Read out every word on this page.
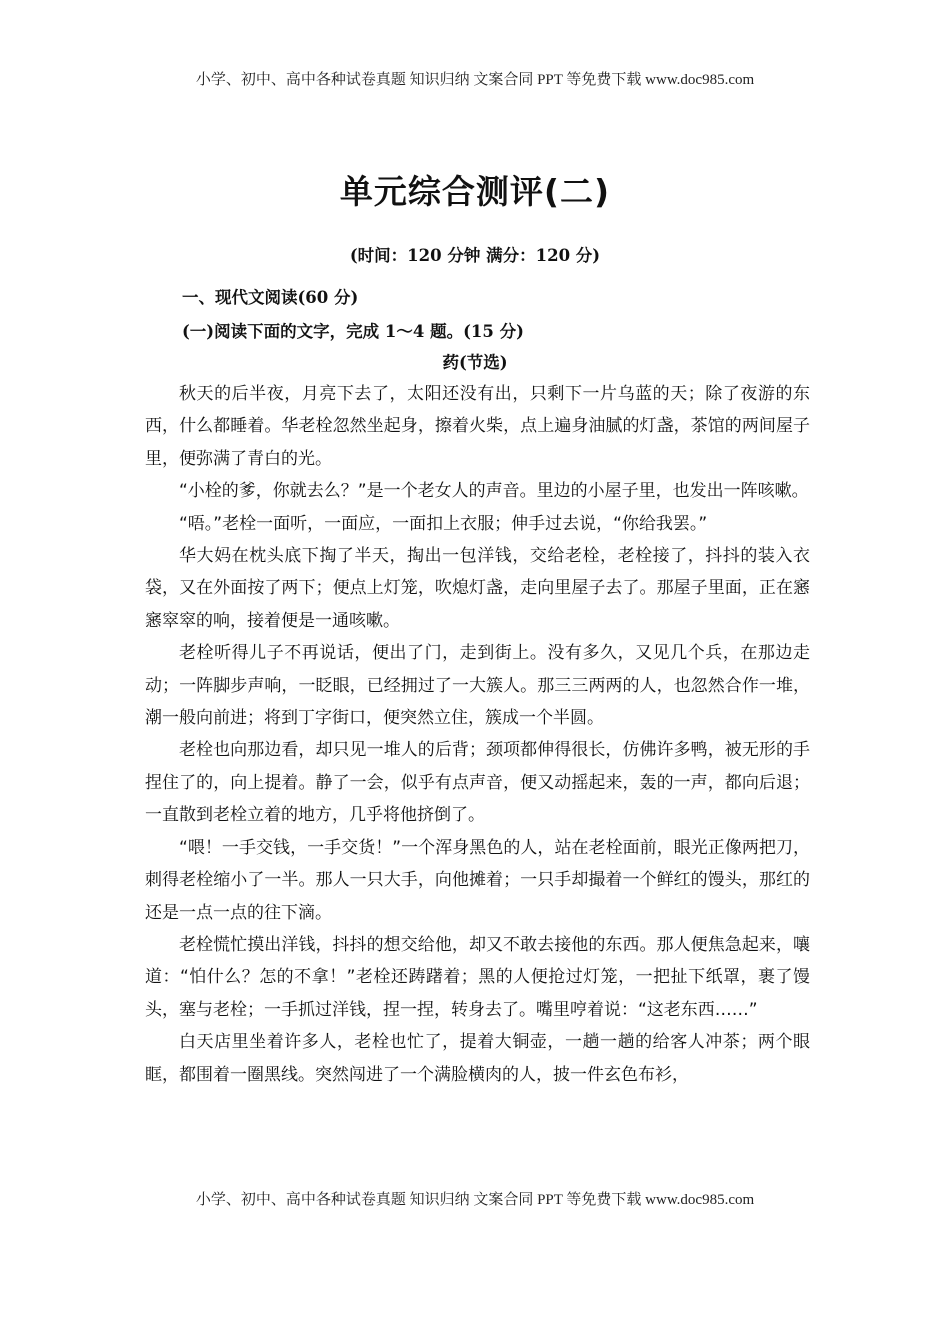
小学、初中、高中各种试卷真题 知识归纳 文案合同 PPT 等免费下载 www.doc985.com
单元综合测评(二)
(时间：120 分钟 满分：120 分)
一、现代文阅读(60 分)
(一)阅读下面的文字，完成 1～4 题。(15 分)
药(节选)

秋天的后半夜，月亮下去了，太阳还没有出，只剩下一片乌蓝的天；除了夜游的东西，什么都睡着。华老栓忽然坐起身，擦着火柴，点上遍身油腻的灯盏，茶馆的两间屋子里，便弥满了青白的光。

“小栓的爹，你就去么？”是一个老女人的声音。里边的小屋子里，也发出一阵咳嗽。

“唔。”老栓一面听，一面应，一面扣上衣服；伸手过去说，“你给我罢。”

华大妈在枕头底下掏了半天，掏出一包洋钱，交给老栓，老栓接了，抖抖的装入衣袋，又在外面按了两下；便点上灯笼，吹熄灯盏，走向里屋子去了。那屋子里面，正在窸窸窣窣的响，接着便是一通咳嗽。

老栓听得儿子不再说话，便出了门，走到街上。没有多久，又见几个兵，在那边走动；一阵脚步声响，一眨眼，已经拥过了一大簇人。那三三两两的人，也忽然合作一堆，潮一般向前进；将到丁字街口，便突然立住，簇成一个半圆。

老栓也向那边看，却只见一堆人的后背；颈项都伸得很长，仿佛许多鸭，被无形的手捏住了的，向上提着。静了一会，似乎有点声音，便又动摇起来，轰的一声，都向后退；一直散到老栓立着的地方，几乎将他挤倒了。

“喂！一手交钱，一手交货！”一个浑身黑色的人，站在老栓面前，眼光正像两把刀，刺得老栓缩小了一半。那人一只大手，向他摊着；一只手却撮着一个鲜红的馒头，那红的还是一点一点的往下滴。

老栓慌忙摸出洋钱，抖抖的想交给他，却又不敢去接他的东西。那人便焦急起来，嚷道：“怕什么？怎的不拿！”老栓还踌躇着；黑的人便抢过灯笼，一把扯下纸罩，裹了馒头，塞与老栓；一手抓过洋钱，捏一捏，转身去了。嘴里哼着说：“这老东西……”

白天店里坐着许多人，老栓也忙了，提着大铜壶，一趟一趟的给客人冲茶；两个眼眶，都围着一圈黑线。突然闯进了一个满脸横肉的人，披一件玄色布衫，

小学、初中、高中各种试卷真题 知识归纳 文案合同 PPT 等免费下载 www.doc985.com
